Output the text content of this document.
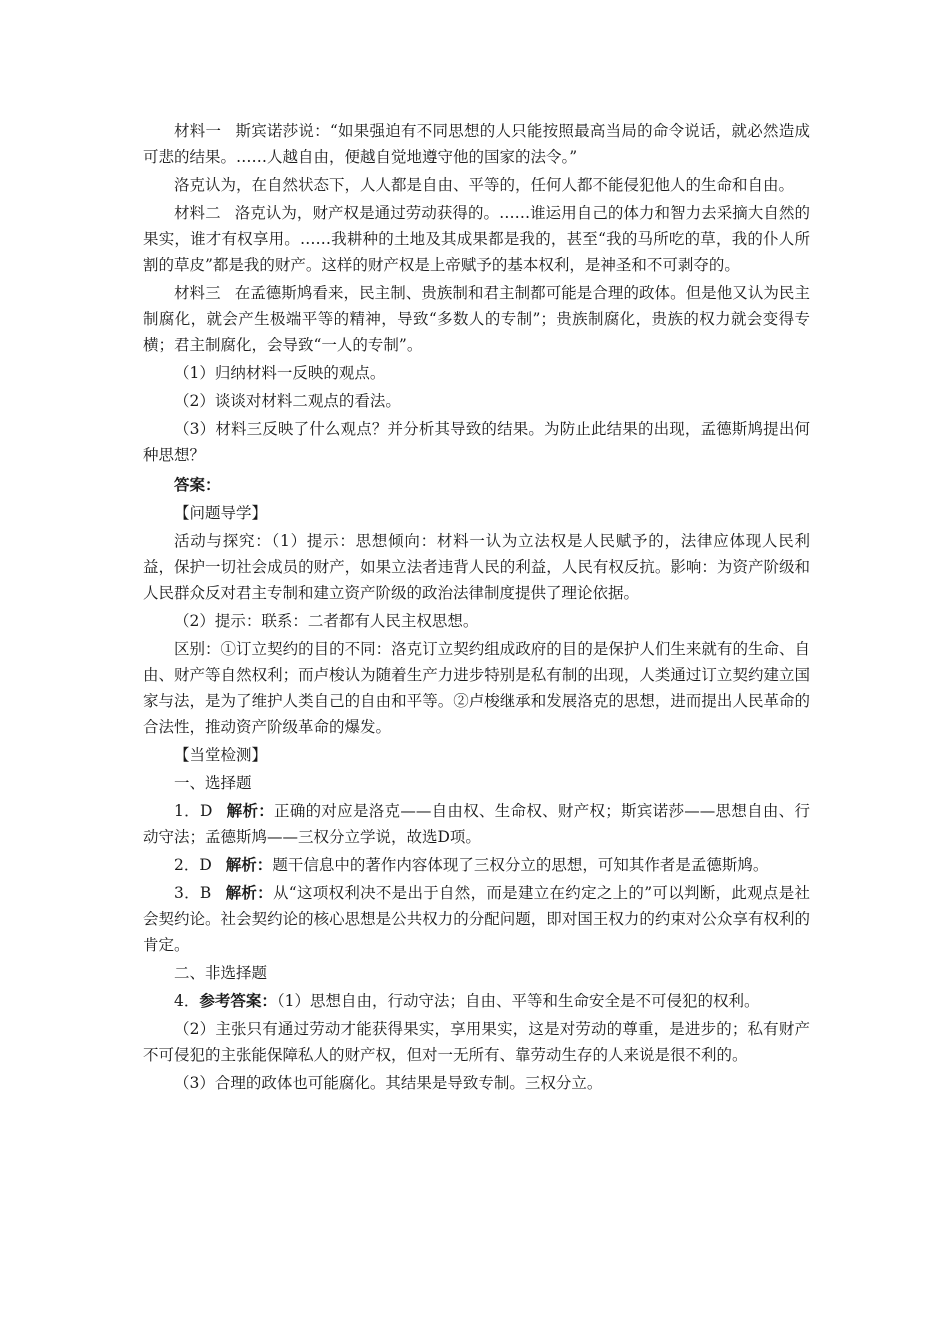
材料一 斯宾诺莎说：“如果强迫有不同思想的人只能按照最高当局的命令说话，就必然造成可悲的结果。……人越自由，便越自觉地遵守他的国家的法令。”

洛克认为，在自然状态下，人人都是自由、平等的，任何人都不能侵犯他人的生命和自由。

材料二 洛克认为，财产权是通过劳动获得的。……谁运用自己的体力和智力去采摘大自然的果实，谁才有权享用。……我耕种的土地及其成果都是我的，甚至“我的马所吃的草，我的仆人所割的草皮”都是我的财产。这样的财产权是上帝赋予的基本权利，是神圣和不可剥夺的。

材料三 在孟德斯鸠看来，民主制、贵族制和君主制都可能是合理的政体。但是他又认为民主制腐化，就会产生极端平等的精神，导致“多数人的专制”；贵族制腐化，贵族的权力就会变得专横；君主制腐化，会导致“一人的专制”。

（1）归纳材料一反映的观点。

（2）谈谈对材料二观点的看法。

（3）材料三反映了什么观点？并分析其导致的结果。为防止此结果的出现，孟德斯鸠提出何种思想？

答案：

【问题导学】

活动与探究：（1）提示：思想倾向：材料一认为立法权是人民赋予的，法律应体现人民利益，保护一切社会成员的财产，如果立法者违背人民的利益，人民有权反抗。影响：为资产阶级和人民群众反对君主专制和建立资产阶级的政治法律制度提供了理论依据。

（2）提示：联系：二者都有人民主权思想。

区别：①订立契约的目的不同：洛克订立契约组成政府的目的是保护人们生来就有的生命、自由、财产等自然权利；而卢梭认为随着生产力进步特别是私有制的出现，人类通过订立契约建立国家与法，是为了维护人类自己的自由和平等。②卢梭继承和发展洛克的思想，进而提出人民革命的合法性，推动资产阶级革命的爆发。

【当堂检测】

一、选择题

1．D 解析：正确的对应是洛克——自由权、生命权、财产权；斯宾诺莎——思想自由、行动守法；孟德斯鸠——三权分立学说，故选D项。

2．D 解析：题干信息中的著作内容体现了三权分立的思想，可知其作者是孟德斯鸠。

3．B 解析：从“这项权利决不是出于自然，而是建立在约定之上的”可以判断，此观点是社会契约论。社会契约论的核心思想是公共权力的分配问题，即对国王权力的约束对公众享有权利的肯定。

二、非选择题

4．参考答案：（1）思想自由，行动守法；自由、平等和生命安全是不可侵犯的权利。

（2）主张只有通过劳动才能获得果实，享用果实，这是对劳动的尊重，是进步的；私有财产不可侵犯的主张能保障私人的财产权，但对一无所有、靠劳动生存的人来说是很不利的。

（3）合理的政体也可能腐化。其结果是导致专制。三权分立。
